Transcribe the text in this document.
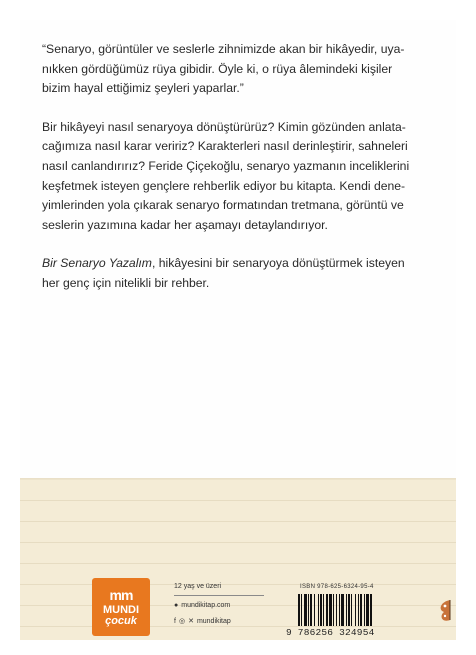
“Senaryo, görüntüler ve seslerle zihnimizde akan bir hikâyedir, uya-

nıkken gördüğümüz rüya gibidir. Öyle ki, o rüya âlemindeki kişiler

bizim hayal ettiğimiz şeyleri yaparlar.”

Bir hikâyeyi nasıl senaryoya dönüştürürüz? Kimin gözünden anlata-

cağımıza nasıl karar veririz? Karakterleri nasıl derinleştirir, sahneleri

nasıl canlandırırız? Feride Çiçekoğlu, senaryo yazmanın inceliklerini

keşfetmek isteyen gençlere rehberlik ediyor bu kitapta. Kendi dene-

yimlerinden yola çıkarak senaryo formatından tretmana, görüntü ve

seslerin yazımına kadar her aşamayı detaylandırıyor.

Bir Senaryo Yazalım, hikâyesini bir senaryoya dönüştürmek isteyen

her genç için nitelikli bir rehber.

mm
MUNDI
çocuk
12 yaş ve üzeri
● mundikitap.com
f ◎ ✕ mundikitap
ISBN 978-625-6324-95-4
9 786256 324954
